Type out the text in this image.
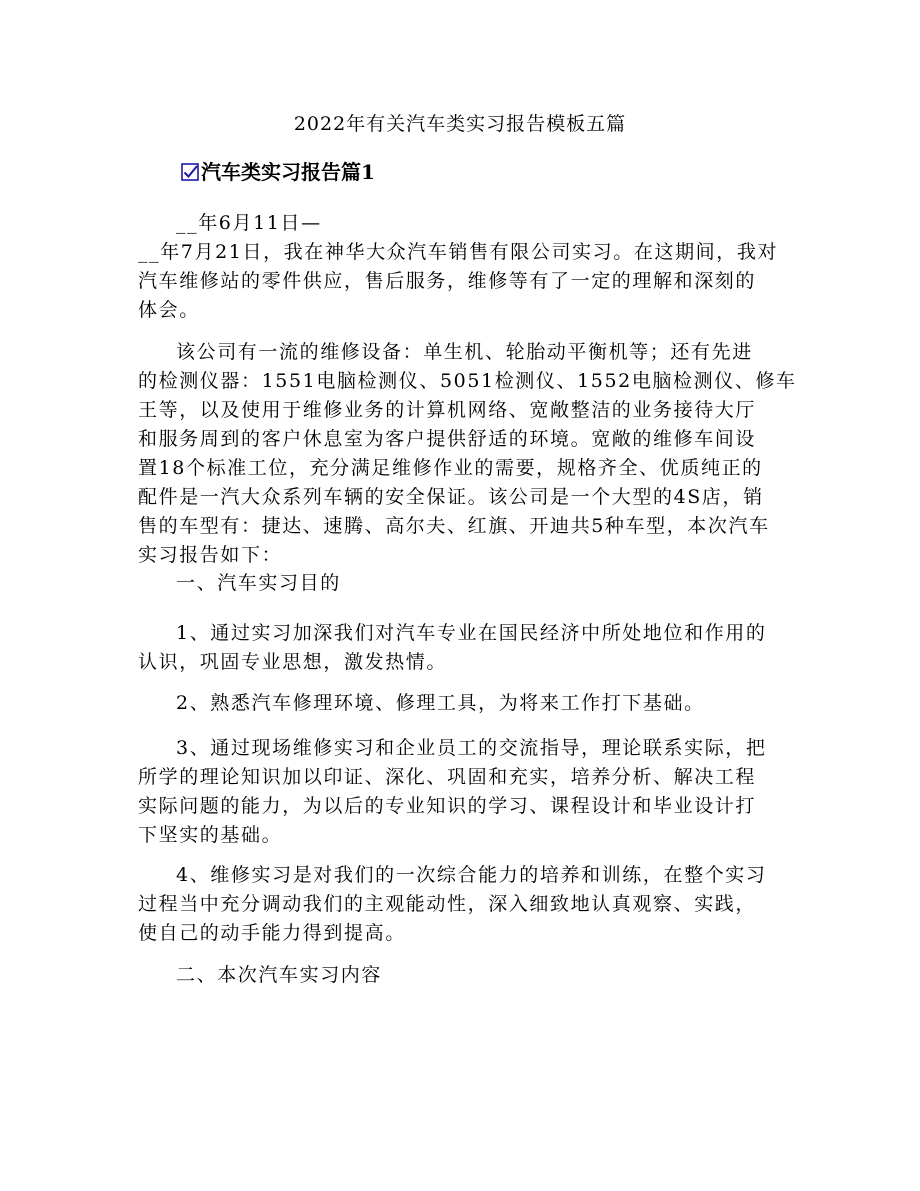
2022年有关汽车类实习报告模板五篇
汽车类实习报告篇1
__年6月11日—
__年7月21日，我在神华大众汽车销售有限公司实习。在这期间，我对
汽车维修站的零件供应，售后服务，维修等有了一定的理解和深刻的
体会。
该公司有一流的维修设备：单生机、轮胎动平衡机等；还有先进
的检测仪器：1551电脑检测仪、5051检测仪、1552电脑检测仪、修车
王等，以及使用于维修业务的计算机网络、宽敞整洁的业务接待大厅
和服务周到的客户休息室为客户提供舒适的环境。宽敞的维修车间设
置18个标准工位，充分满足维修作业的需要，规格齐全、优质纯正的
配件是一汽大众系列车辆的安全保证。该公司是一个大型的4S店，销
售的车型有：捷达、速腾、高尔夫、红旗、开迪共5种车型，本次汽车
实习报告如下：
一、汽车实习目的
1、通过实习加深我们对汽车专业在国民经济中所处地位和作用的
认识，巩固专业思想，激发热情。
2、熟悉汽车修理环境、修理工具，为将来工作打下基础。
3、通过现场维修实习和企业员工的交流指导，理论联系实际，把
所学的理论知识加以印证、深化、巩固和充实，培养分析、解决工程
实际问题的能力，为以后的专业知识的学习、课程设计和毕业设计打
下坚实的基础。
4、维修实习是对我们的一次综合能力的培养和训练，在整个实习
过程当中充分调动我们的主观能动性，深入细致地认真观察、实践，
使自己的动手能力得到提高。
二、本次汽车实习内容
